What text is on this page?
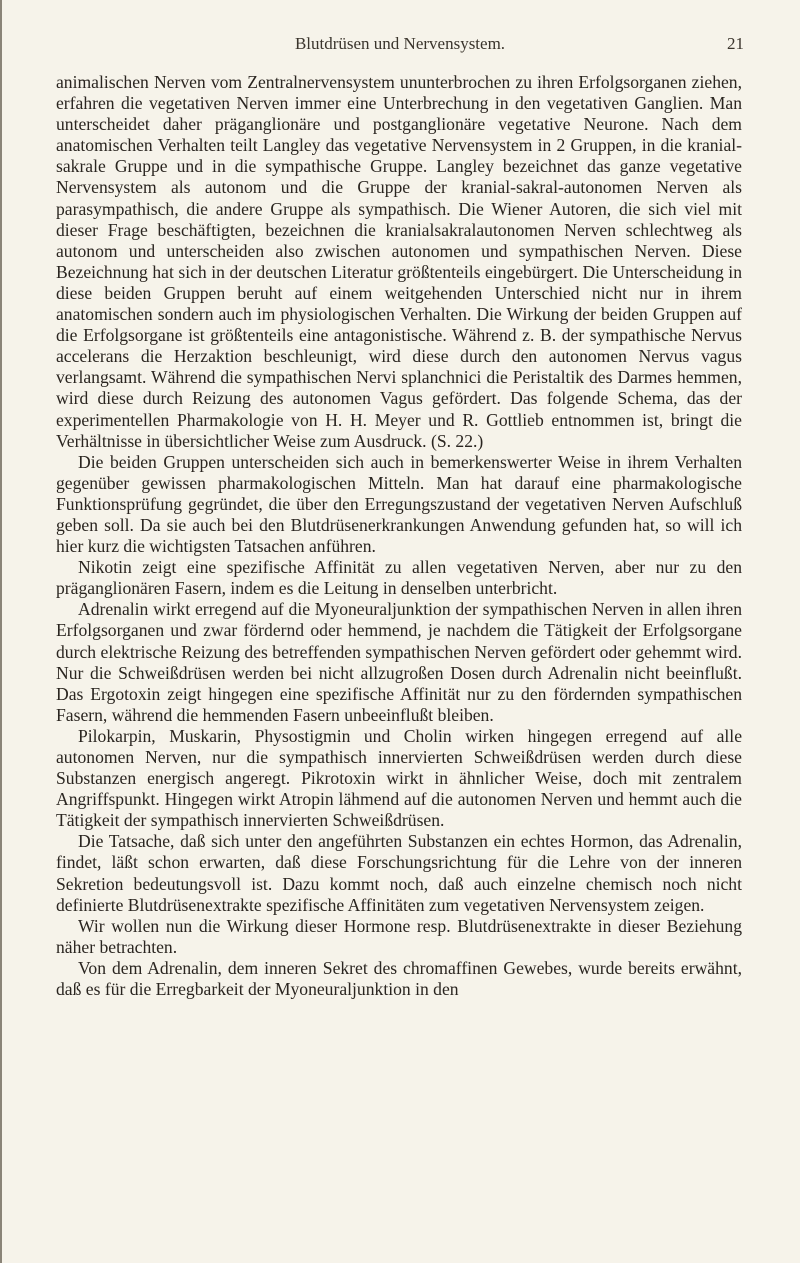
Blutdrüsen und Nervensystem.	21

animalischen Nerven vom Zentralnervensystem ununterbrochen zu ihren Erfolgsorganen ziehen, erfahren die vegetativen Nerven immer eine Unterbrechung in den vegetativen Ganglien. Man unterscheidet daher präganglionäre und postganglionäre vegetative Neurone. Nach dem anatomischen Verhalten teilt Langley das vegetative Nervensystem in 2 Gruppen, in die kranial-sakrale Gruppe und in die sympathische Gruppe. Langley bezeichnet das ganze vegetative Nervensystem als autonom und die Gruppe der kranial-sakral-autonomen Nerven als parasympathisch, die andere Gruppe als sympathisch. Die Wiener Autoren, die sich viel mit dieser Frage beschäftigten, bezeichnen die kranialsakralautonomen Nerven schlechtweg als autonom und unterscheiden also zwischen autonomen und sympathischen Nerven. Diese Bezeichnung hat sich in der deutschen Literatur größtenteils eingebürgert. Die Unterscheidung in diese beiden Gruppen beruht auf einem weitgehenden Unterschied nicht nur in ihrem anatomischen sondern auch im physiologischen Verhalten. Die Wirkung der beiden Gruppen auf die Erfolgsorgane ist größtenteils eine antagonistische. Während z. B. der sympathische Nervus accelerans die Herzaktion beschleunigt, wird diese durch den autonomen Nervus vagus verlangsamt. Während die sympathischen Nervi splanchnici die Peristaltik des Darmes hemmen, wird diese durch Reizung des autonomen Vagus gefördert. Das folgende Schema, das der experimentellen Pharmakologie von H. H. Meyer und R. Gottlieb entnommen ist, bringt die Verhältnisse in übersichtlicher Weise zum Ausdruck. (S. 22.)

Die beiden Gruppen unterscheiden sich auch in bemerkenswerter Weise in ihrem Verhalten gegenüber gewissen pharmakologischen Mitteln. Man hat darauf eine pharmakologische Funktionsprüfung gegründet, die über den Erregungszustand der vegetativen Nerven Aufschluß geben soll. Da sie auch bei den Blutdrüsenerkrankungen Anwendung gefunden hat, so will ich hier kurz die wichtigsten Tatsachen anführen.

Nikotin zeigt eine spezifische Affinität zu allen vegetativen Nerven, aber nur zu den präganglionären Fasern, indem es die Leitung in denselben unterbricht.

Adrenalin wirkt erregend auf die Myoneuraljunktion der sympathischen Nerven in allen ihren Erfolgsorganen und zwar fördernd oder hemmend, je nachdem die Tätigkeit der Erfolgsorgane durch elektrische Reizung des betreffenden sympathischen Nerven gefördert oder gehemmt wird. Nur die Schweißdrüsen werden bei nicht allzugroßen Dosen durch Adrenalin nicht beeinflußt. Das Ergotoxin zeigt hingegen eine spezifische Affinität nur zu den fördernden sympathischen Fasern, während die hemmenden Fasern unbeeinflußt bleiben.

Pilokarpin, Muskarin, Physostigmin und Cholin wirken hingegen erregend auf alle autonomen Nerven, nur die sympathisch innervierten Schweißdrüsen werden durch diese Substanzen energisch angeregt. Pikrotoxin wirkt in ähnlicher Weise, doch mit zentralem Angriffspunkt. Hingegen wirkt Atropin lähmend auf die autonomen Nerven und hemmt auch die Tätigkeit der sympathisch innervierten Schweißdrüsen.

Die Tatsache, daß sich unter den angeführten Substanzen ein echtes Hormon, das Adrenalin, findet, läßt schon erwarten, daß diese Forschungsrichtung für die Lehre von der inneren Sekretion bedeutungsvoll ist. Dazu kommt noch, daß auch einzelne chemisch noch nicht definierte Blutdrüsenextrakte spezifische Affinitäten zum vegetativen Nervensystem zeigen.

Wir wollen nun die Wirkung dieser Hormone resp. Blutdrüsenextrakte in dieser Beziehung näher betrachten.

Von dem Adrenalin, dem inneren Sekret des chromaffinen Gewebes, wurde bereits erwähnt, daß es für die Erregbarkeit der Myoneuraljunktion in den
